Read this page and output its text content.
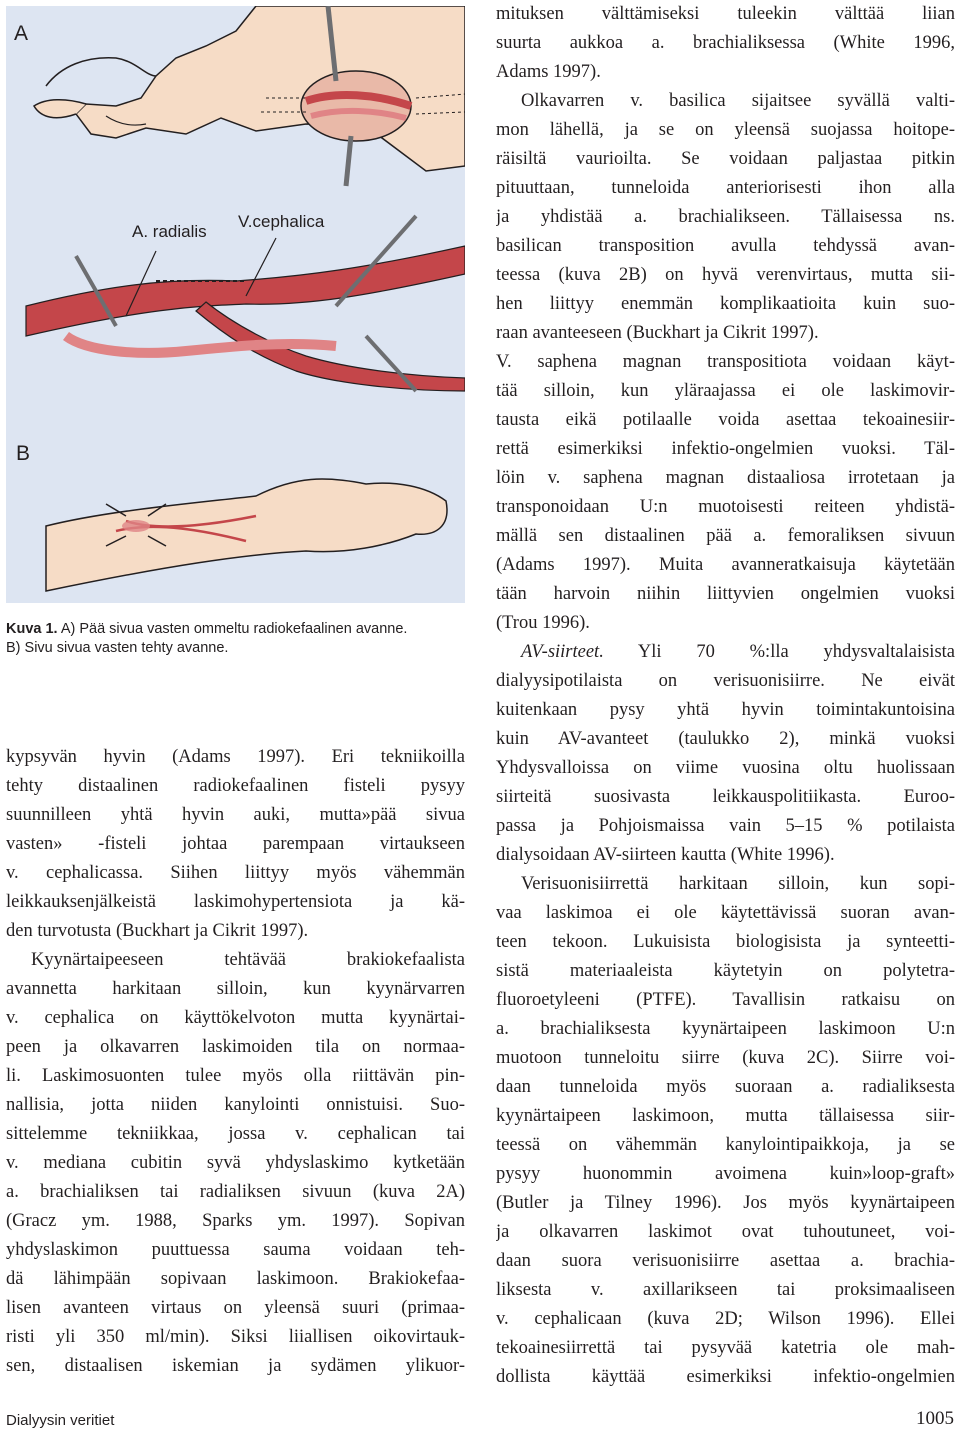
A
B
A. radialis
V.cephalica
Kuva 1. A) Pää sivua vasten ommeltu radiokefaalinen avanne.
B) Sivu sivua vasten tehty avanne.
kypsyvän hyvin (Adams 1997). Eri tekniikoilla
tehty distaalinen radiokefaalinen fisteli pysyy
suunnilleen yhtä hyvin auki, mutta»pää sivua
vasten» -fisteli johtaa parempaan virtaukseen
v. cephalicassa. Siihen liittyy myös vähemmän
leikkauksenjälkeistä laskimohypertensiota ja kä-
den turvotusta (Buckhart ja Cikrit 1997).
Kyynärtaipeeseen tehtävää brakiokefaalista
avannetta harkitaan silloin, kun kyynärvarren
v. cephalica on käyttökelvoton mutta kyynärtai-
peen ja olkavarren laskimoiden tila on normaa-
li. Laskimosuonten tulee myös olla riittävän pin-
nallisia, jotta niiden kanylointi onnistuisi. Suo-
sittelemme tekniikkaa, jossa v. cephalican tai
v. mediana cubitin syvä yhdyslaskimo kytketään
a. brachialiksen tai radialiksen sivuun (kuva 2A)
(Gracz ym. 1988, Sparks ym. 1997). Sopivan
yhdyslaskimon puuttuessa sauma voidaan teh-
dä lähimpään sopivaan laskimoon. Brakiokefaa-
lisen avanteen virtaus on yleensä suuri (primaa-
risti yli 350 ml/min). Siksi liiallisen oikovirtauk-
sen, distaalisen iskemian ja sydämen ylikuor-
mituksen välttämiseksi tuleekin välttää liian
suurta aukkoa a. brachialiksessa (White 1996,
Adams 1997).
Olkavarren v. basilica sijaitsee syvällä valti-
mon lähellä, ja se on yleensä suojassa hoitope-
räisiltä vaurioilta. Se voidaan paljastaa pitkin
pituuttaan, tunneloida anteriorisesti ihon alla
ja yhdistää a. brachialikseen. Tällaisessa ns.
basilican transposition avulla tehdyssä avan-
teessa (kuva 2B) on hyvä verenvirtaus, mutta sii-
hen liittyy enemmän komplikaatioita kuin suo-
raan avanteeseen (Buckhart ja Cikrit 1997).
V. saphena magnan transpositiota voidaan käyt-
tää silloin, kun yläraajassa ei ole laskimovir-
tausta eikä potilaalle voida asettaa tekoainesiir-
rettä esimerkiksi infektio-ongelmien vuoksi. Täl-
löin v. saphena magnan distaaliosa irrotetaan ja
transponoidaan U:n muotoisesti reiteen yhdistä-
mällä sen distaalinen pää a. femoraliksen sivuun
(Adams 1997). Muita avanneratkaisuja käytetään
tään harvoin niihin liittyvien ongelmien vuoksi
(Trou 1996).
AV-siirteet. Yli 70 %:lla yhdysvaltalaisista
dialyysipotilaista on verisuonisiirre. Ne eivät
kuitenkaan pysy yhtä hyvin toimintakuntoisina
kuin AV-avanteet (taulukko 2), minkä vuoksi
Yhdysvalloissa on viime vuosina oltu huolissaan
siirteitä suosivasta leikkauspolitiikasta. Euroo-
passa ja Pohjoismaissa vain 5–15 % potilaista
dialysoidaan AV-siirteen kautta (White 1996).
Verisuonisiirrettä harkitaan silloin, kun sopi-
vaa laskimoa ei ole käytettävissä suoran avan-
teen tekoon. Lukuisista biologisista ja synteetti-
sistä materiaaleista käytetyin on polytetra-
fluoroetyleeni (PTFE). Tavallisin ratkaisu on
a. brachialiksesta kyynärtaipeen laskimoon U:n
muotoon tunneloitu siirre (kuva 2C). Siirre voi-
daan tunneloida myös suoraan a. radialiksesta
kyynärtaipeen laskimoon, mutta tällaisessa siir-
teessä on vähemmän kanylointipaikkoja, ja se
pysyy huonommin avoimena kuin»loop-graft»
(Butler ja Tilney 1996). Jos myös kyynärtaipeen
ja olkavarren laskimot ovat tuhoutuneet, voi-
daan suora verisuonisiirre asettaa a. brachia-
liksesta v. axillarikseen tai proksimaaliseen
v. cephalicaan (kuva 2D; Wilson 1996). Ellei
tekoainesiirrettä tai pysyvää katetria ole mah-
dollista käyttää esimerkiksi infektio-ongelmien
Dialyysin veritiet	1005
